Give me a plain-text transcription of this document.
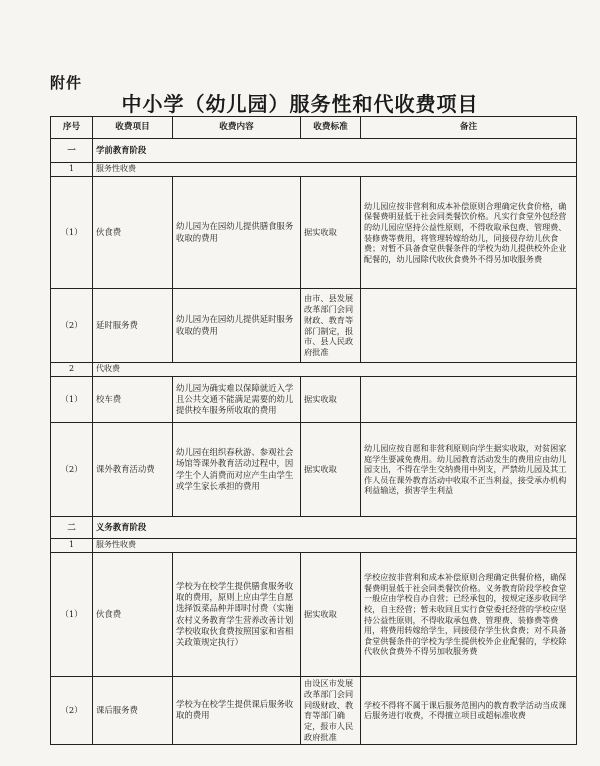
附件
中小学（幼儿园）服务性和代收费项目
序号	收费项目	收费内容	收费标准	备注
一	学前教育阶段			
1	服务性收费			
（1）	伙食费	幼儿园为在园幼儿提供膳食服务收取的费用	据实收取	幼儿园应按非营利和成本补偿原则合理确定伙食价格，确保餐费明显低于社会同类餐饮价格。凡实行食堂外包经营的幼儿园应坚持公益性原则，不得收取承包费、管理费、装修费等费用，将管理转嫁给幼儿，同接侵存幼儿伙食费；对暂不具备食堂供餐条件的学校为幼儿提供校外企业配餐的，幼儿园除代收伙食费外不得另加收服务费
（2）	延时服务费	幼儿园为在园幼儿提供延时服务收取的费用	由市、县发展改革部门会同财政、教育等部门制定，报市、县人民政府批准	
2	代收费			
（1）	校车费	幼儿园为确实难以保障就近入学且公共交通不能满足需要的幼儿提供校车服务所收取的费用	据实收取	
（2）	课外教育活动费	幼儿园在组织春秋游、参观社会场馆等课外教育活动过程中，因学生个人消费而对应产生由学生或学生家长承担的费用	据实收取	幼儿园应按自愿和非营利原则向学生据实收取，对贫困家庭学生要减免费用。幼儿园教育活动发生的费用应由幼儿园支出，不得在学生交纳费用中列支，严禁幼儿园及其工作人员在课外教育活动中收取不正当利益，接受承办机构利益输送，损害学生利益
二	义务教育阶段			
1	服务性收费			
（1）	伙食费	学校为在校学生提供膳食服务收取的费用，原则上应由学生自愿选择饭菜品种并即时付费（实施农村义务教育学生营养改善计划学校收取伙食费按照国家和省相关政策规定执行）	据实收取	学校应按非营利和成本补偿原则合理确定供餐价格，确保餐费明显低于社会同类餐饮价格。义务教育阶段学校食堂一般应由学校自办自营；已经承包的，按规定逐步收回学校，自主经营；暂未收回且实行食堂委托经营的学校应坚持公益性原则，不得收取承包费、管理费、装修费等费用，将费用转嫁给学生，同接侵存学生伙食费；对不具备食堂供餐条件的学校为学生提供校外企业配餐的，学校除代收伙食费外不得另加收服务费
（2）	课后服务费	学校为在校学生提供课后服务收取的费用	由设区市发展改革部门会同同级财政、教育等部门确定，报市人民政府批准	学校不得将不属于课后服务范围内的教育教学活动当成课后服务进行收费，不得擅立项目或超标准收费
